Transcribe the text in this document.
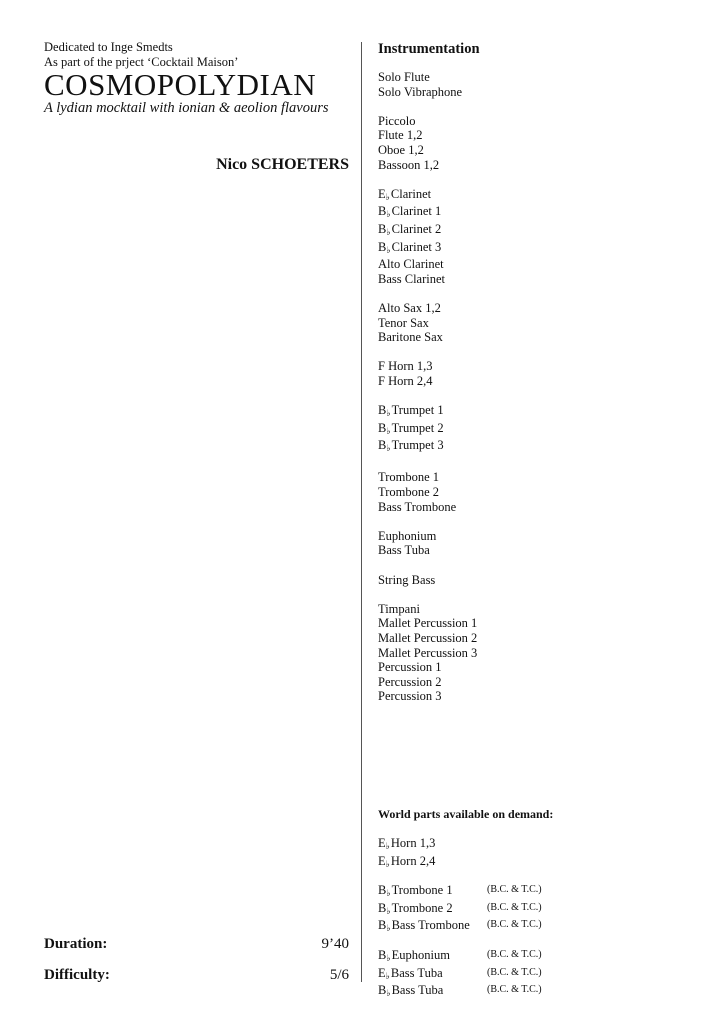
Dedicated to Inge Smedts
As part of the prject ‘Cocktail Maison’
COSMOPOLYDIAN
A lydian mocktail with ionian & aeolion flavours
Nico SCHOETERS
Duration:	9’40
Difficulty:	5/6
Instrumentation
Solo Flute
Solo Vibraphone
Piccolo
Flute 1,2
Oboe 1,2
Bassoon 1,2
E♭Clarinet
B♭Clarinet 1
B♭Clarinet 2
B♭Clarinet 3
Alto Clarinet
Bass Clarinet
Alto Sax 1,2
Tenor Sax
Baritone Sax
F Horn 1,3
F Horn 2,4
B♭Trumpet 1
B♭Trumpet 2
B♭Trumpet 3
Trombone 1
Trombone 2
Bass Trombone
Euphonium
Bass Tuba
String Bass
Timpani
Mallet Percussion 1
Mallet Percussion 2
Mallet Percussion 3
Percussion 1
Percussion 2
Percussion 3
World parts available on demand:
E♭Horn 1,3
E♭Horn 2,4
B♭Trombone 1	(B.C. & T.C.)
B♭Trombone 2	(B.C. & T.C.)
B♭Bass Trombone (B.C. & T.C.)
B♭Euphonium	(B.C. & T.C.)
E♭Bass Tuba	(B.C. & T.C.)
B♭Bass Tuba	(B.C. & T.C.)
